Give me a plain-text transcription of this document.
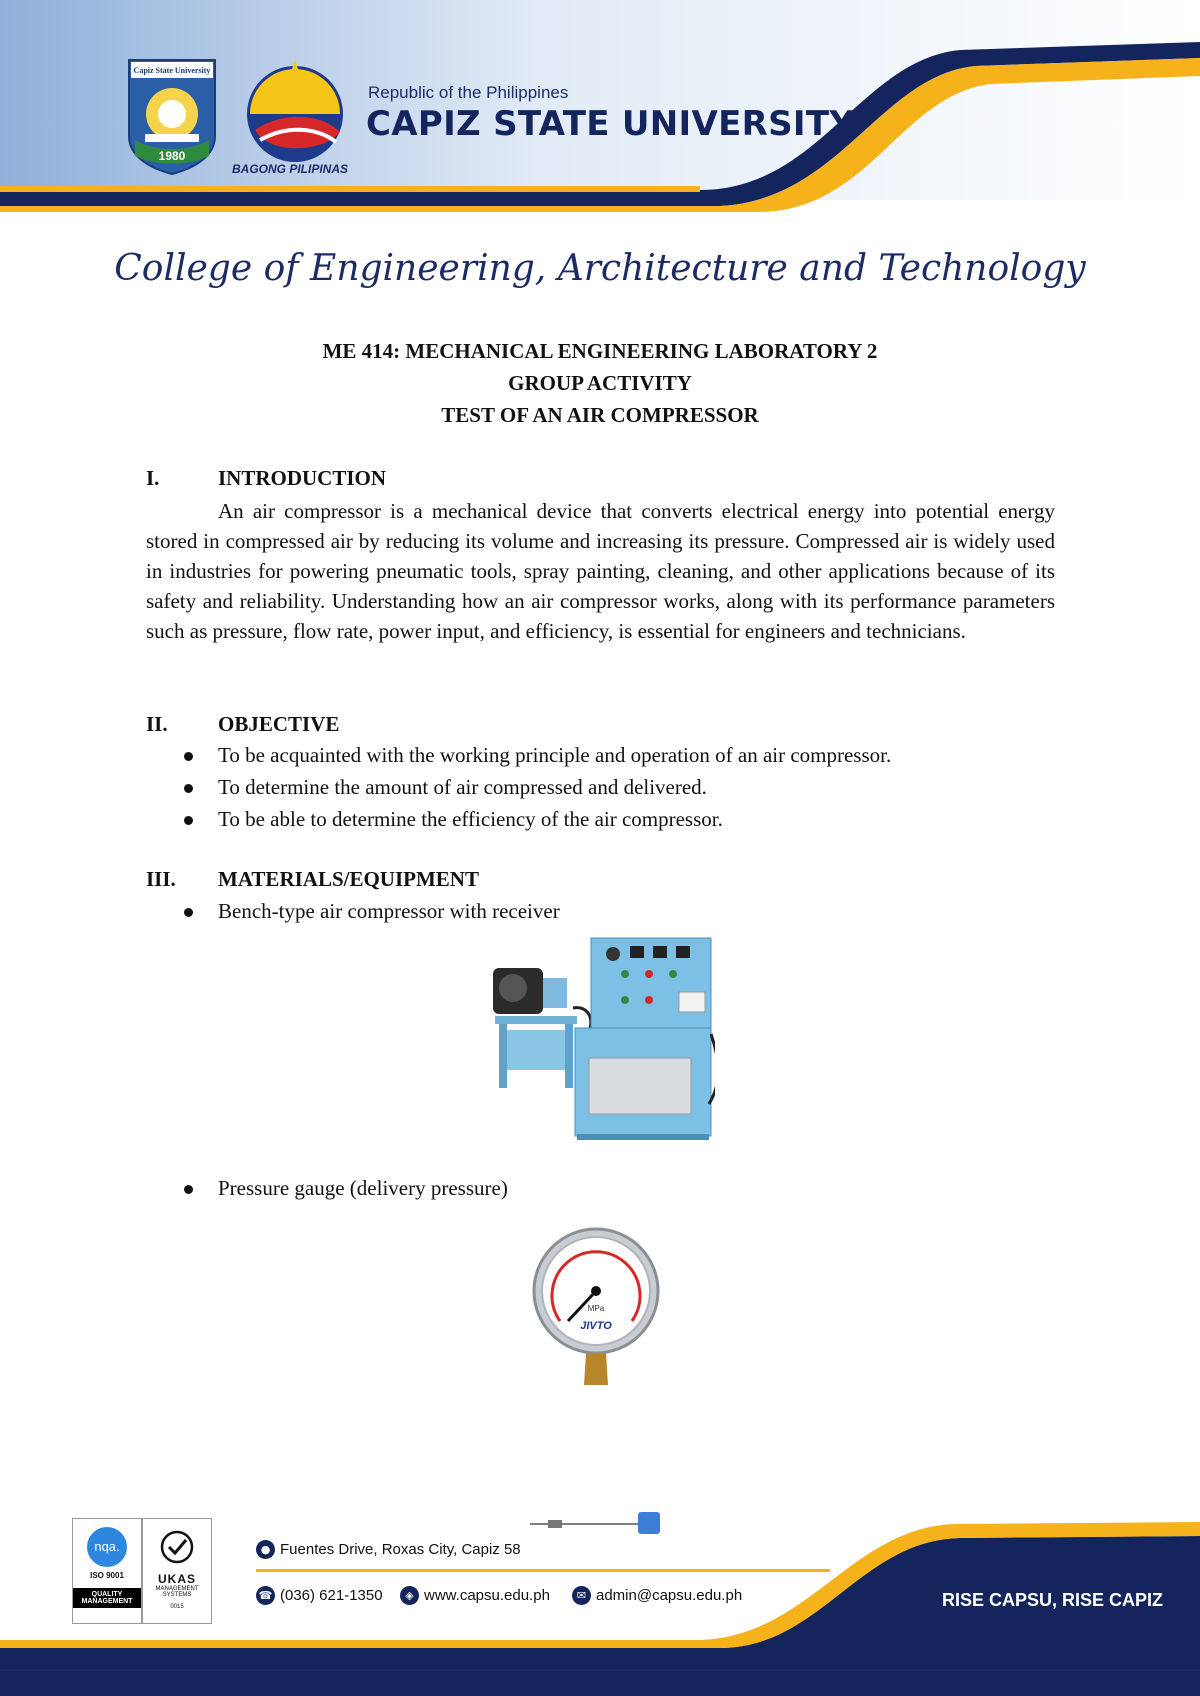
1980
Capiz State University
BAGONG PILIPINAS
Republic of the Philippines
CAPIZ STATE UNIVERSITY
College of Engineering, Architecture and Technology
ME 414: MECHANICAL ENGINEERING LABORATORY 2
GROUP ACTIVITY
TEST OF AN AIR COMPRESSOR
I.	INTRODUCTION
An air compressor is a mechanical device that converts electrical energy into potential energy stored in compressed air by reducing its volume and increasing its pressure. Compressed air is widely used in industries for powering pneumatic tools, spray painting, cleaning, and other applications because of its safety and reliability. Understanding how an air compressor works, along with its performance parameters such as pressure, flow rate, power input, and efficiency, is essential for engineers and technicians.
II. OBJECTIVE
To be acquainted with the working principle and operation of an air compressor.
To determine the amount of air compressed and delivered.
To be able to determine the efficiency of the air compressor.
III. MATERIALS/EQUIPMENT
Bench-type air compressor with receiver
Pressure gauge (delivery pressure)
MPa
JIVTO
nqa.
ISO 9001
QUALITY
MANAGEMENT
UKAS
MANAGEMENT
SYSTEMS
0015
● Fuentes Drive, Roxas City, Capiz 58
☎ (036) 621-1350	◈ www.capsu.edu.ph	✉ admin@capsu.edu.ph	RISE CAPSU, RISE CAPIZ
